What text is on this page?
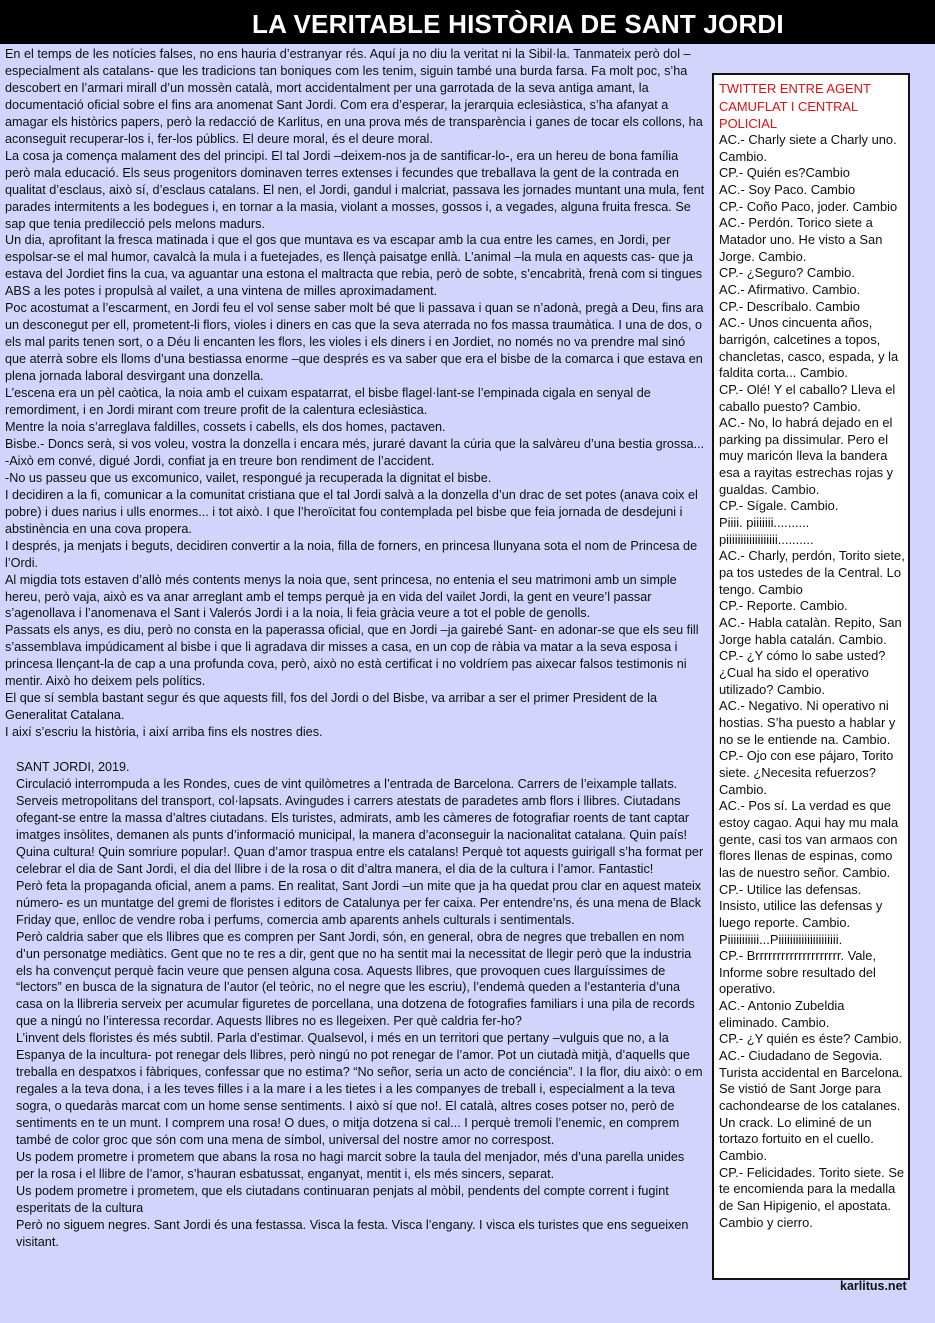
LA VERITABLE HISTÒRIA DE SANT JORDI

En el temps de les notícies falses, no ens hauria d’estranyar rés. Aquí ja no diu la veritat ni la Sibil·la. Tanmateix però dol –especialment als catalans- que les tradicions tan boniques com les tenim, siguin també una burda farsa. Fa molt poc, s’ha descobert en l’armari mirall d’un mossèn català, mort accidentalment per una garrotada de la seva antiga amant, la documentació oficial sobre el fins ara anomenat Sant Jordi. Com era d’esperar, la jerarquia eclesiàstica, s’ha afanyat a amagar els històrics papers, però la redacció de Karlitus, en una prova més de transparència i ganes de tocar els collons, ha aconseguit recuperar-los i, fer-los públics. El deure moral, és el deure moral.

La cosa ja comença malament des del principi. El tal Jordi –deixem-nos ja de santificar-lo-, era un hereu de bona família però mala educació. Els seus progenitors dominaven terres extenses i fecundes que treballava la gent de la contrada en qualitat d’esclaus, això sí, d’esclaus catalans. El nen, el Jordi, gandul i malcriat, passava les jornades muntant una mula, fent parades intermitents a les bodegues i, en tornar a la masia, violant a mosses, gossos i, a vegades, alguna fruita fresca. Se sap que tenia predilecció pels melons madurs.

Un dia, aprofitant la fresca matinada i que el gos que muntava es va escapar amb la cua entre les cames, en Jordi, per espolsar-se el mal humor, cavalcà la mula i a fuetejades, es llençà paisatge enllà. L’animal –la mula en aquests cas- que ja estava del Jordiet fins la cua, va aguantar una estona el maltracta que rebia, però de sobte, s’encabrità, frenà com si tingues ABS a les potes i propulsà al vailet, a una vintena de milles aproximadament.

Poc acostumat a l’escarment, en Jordi feu el vol sense saber molt bé que li passava i quan se n’adonà, pregà a Deu, fins ara un desconegut per ell, prometent-li flors, violes i diners en cas que la seva aterrada no fos massa traumàtica. I una de dos, o els mal parits tenen sort, o a Déu li encanten les flors, les violes i els diners i en Jordiet, no només no va prendre mal sinó que aterrà sobre els lloms d’una bestiassa enorme –que després es va saber que era el bisbe de la comarca i que estava en plena jornada laboral desvirgant una donzella.

L’escena era un pèl caòtica, la noia amb el cuixam espatarrat, el bisbe flagel·lant-se l’empinada cigala en senyal de remordiment, i en Jordi mirant com treure profit de la calentura eclesiàstica.

Mentre la noia s’arreglava faldilles, cossets i cabells, els dos homes, pactaven.

Bisbe.- Doncs serà, si vos voleu, vostra la donzella i encara més, juraré davant la cúria que la salvàreu d’una bestia grossa...

-Això em convé, digué Jordi, confiat ja en treure bon rendiment de l’accident.

-No us passeu que us excomunico, vailet, respongué ja recuperada la dignitat el bisbe.

I decidiren a la fi, comunicar a la comunitat cristiana que el tal Jordi salvà a la donzella d’un drac de set potes (anava coix el pobre) i dues narius i ulls enormes... i tot això. I que l’heroïcitat fou contemplada pel bisbe que feia jornada de desdejuni i abstinència en una cova propera.

I després, ja menjats i beguts, decidiren convertir a la noia, filla de forners, en princesa llunyana sota el nom de Princesa de l’Ordi.

Al migdia tots estaven d’allò més contents menys la noia que, sent princesa, no entenia el seu matrimoni amb un simple hereu, però vaja, això es va anar arreglant amb el temps perquè ja en vida del vailet Jordi, la gent en veure’l passar s’agenollava i l’anomenava el Sant i Valerós Jordi i a la noia, li feia gràcia veure a tot el poble de genolls.

Passats els anys, es diu, però no consta en la paperassa oficial, que en Jordi –ja gairebé Sant- en adonar-se que els seu fill s’assemblava impúdicament al bisbe i que li agradava dir misses a casa, en un cop de ràbia va matar a la seva esposa i princesa llençant-la de cap a una profunda cova, però, això no està certificat i no voldríem pas aixecar falsos testimonis ni mentir. Això ho deixem pels polítics.

El que sí sembla bastant segur és que aquests fill, fos del Jordi o del Bisbe, va arribar a ser el primer President de la Generalitat Catalana.

I així s’escriu la història, i així arriba fins els nostres dies.

SANT JORDI, 2019.

Circulació interrompuda a les Rondes, cues de vint quilòmetres a l’entrada de Barcelona. Carrers de l’eixample tallats. Serveis metropolitans del transport, col·lapsats. Avingudes i carrers atestats de paradetes amb flors i llibres. Ciutadans ofegant-se entre la massa d’altres ciutadans. Els turistes, admirats, amb les càmeres de fotografiar roents de tant captar imatges insòlites, demanen als punts d’informació municipal, la manera d’aconseguir la nacionalitat catalana. Quin país! Quina cultura! Quin somriure popular!. Quan d’amor traspua entre els catalans! Perquè tot aquests guirigall s’ha format per celebrar el dia de Sant Jordi, el dia del llibre i de la rosa o dit d’altra manera, el dia de la cultura i l’amor. Fantastic!

Però feta la propaganda oficial, anem a pams. En realitat, Sant Jordi –un mite que ja ha quedat prou clar en aquest mateix número- es un muntatge del gremi de floristes i editors de Catalunya per fer caixa. Per entendre’ns, és una mena de Black Friday que, enlloc de vendre roba i perfums, comercia amb aparents anhels culturals i sentimentals.

Però caldria saber que els llibres que es compren per Sant Jordi, són, en general, obra de negres que treballen en nom d’un personatge mediàtics. Gent que no te res a dir, gent que no ha sentit mai la necessitat de llegir però que la industria els ha convençut perquè facin veure que pensen alguna cosa. Aquests llibres, que provoquen cues llarguíssimes de “lectors” en busca de la signatura de l’autor (el teòric, no el negre que les escriu), l’endemà queden a l’estanteria d’una casa on la llibreria serveix per acumular figuretes de porcellana, una dotzena de fotografies familiars i una pila de records que a ningú no l’interessa recordar. Aquests llibres no es llegeixen. Per què caldria fer-ho?

L’invent dels floristes és més subtil. Parla d’estimar. Qualsevol, i més en un territori que pertany –vulguis que no, a la Espanya de la incultura- pot renegar dels llibres, però ningú no pot renegar de l’amor. Pot un ciutadà mitjà, d’aquells que treballa en despatxos i fàbriques, confessar que no estima? “No señor, seria un acto de conciéncia”. I la flor, diu això: o em regales a la teva dona, i a les teves filles i a la mare i a les tietes i a les companyes de treball i, especialment a la teva sogra, o quedaràs marcat com un home sense sentiments. I això sí que no!. El català, altres coses potser no, però de sentiments en te un munt. I comprem una rosa! O dues, o mitja dotzena si cal... I perquè tremoli l’enemic, en comprem també de color groc que són com una mena de símbol, universal del nostre amor no correspost.

Us podem prometre i prometem que abans la rosa no hagi marcit sobre la taula del menjador, més d’una parella unides per la rosa i el llibre de l’amor, s’hauran esbatussat, enganyat, mentit i, els més sincers, separat.

Us podem prometre i prometem, que els ciutadans continuaran penjats al mòbil, pendents del compte corrent i fugint esperitats de la cultura

Però no siguem negres. Sant Jordi és una festassa. Visca la festa. Visca l’engany. I visca els turistes que ens segueixen visitant.

TWITTER ENTRE AGENT CAMUFLAT I CENTRAL POLICIAL

AC.- Charly siete a Charly uno. Cambio.

CP.- Quién es?Cambio

AC.- Soy Paco. Cambio

CP.- Coño Paco, joder. Cambio

AC.- Perdón. Torico siete a Matador uno. He visto a San Jorge. Cambio.

CP.- ¿Seguro? Cambio.

AC.- Afirmativo. Cambio.

CP.- Descríbalo. Cambio

AC.- Unos cincuenta años, barrigón, calcetines a topos, chancletas, casco, espada, y la faldita corta... Cambio.

CP.- Olé! Y el caballo? Lleva el caballo puesto? Cambio.

AC.- No, lo habrá dejado en el parking pa dissimular. Pero el muy maricón lleva la bandera esa a rayitas estrechas rojas y gualdas. Cambio.

CP.- Sígale. Cambio.

Piiii. piiiiiii..........

piiiiiiiiiiiiiiiiii..........

AC.- Charly, perdón, Torito siete, pa tos ustedes de la Central. Lo tengo. Cambio

CP.- Reporte. Cambio.

AC.- Habla catalàn. Repito, San Jorge habla catalán. Cambio.

CP.- ¿Y cómo lo sabe usted? ¿Cual ha sido el operativo utilizado? Cambio.

AC.- Negativo. Ni operativo ni hostias. S’ha puesto a hablar y no se le entiende na. Cambio.

CP.- Ojo con ese pájaro, Torito siete. ¿Necesita refuerzos? Cambio.

AC.- Pos sí. La verdad es que estoy cagao. Aqui hay mu mala gente, casi tos van armaos con flores llenas de espinas, como las de nuestro señor. Cambio.

CP.- Utilice las defensas. Insisto, utilice las defensas y luego reporte. Cambio.

Piiiiiiiiiii...Piiiiiiiiiiiiiiiiiiiii.

CP.- Brrrrrrrrrrrrrrrrrrrr. Vale, Informe sobre resultado del operativo.

AC.- Antonio Zubeldia eliminado. Cambio.

CP.- ¿Y quién es éste? Cambio.

AC.- Ciudadano de Segovia. Turista accidental en Barcelona. Se vistió de Sant Jorge para cachondearse de los catalanes. Un crack. Lo eliminé de un tortazo fortuito en el cuello. Cambio.

CP.- Felicidades. Torito siete. Se te encomienda para la medalla de San Hipigenio, el apostata. Cambio y cierro.

karlitus.net
